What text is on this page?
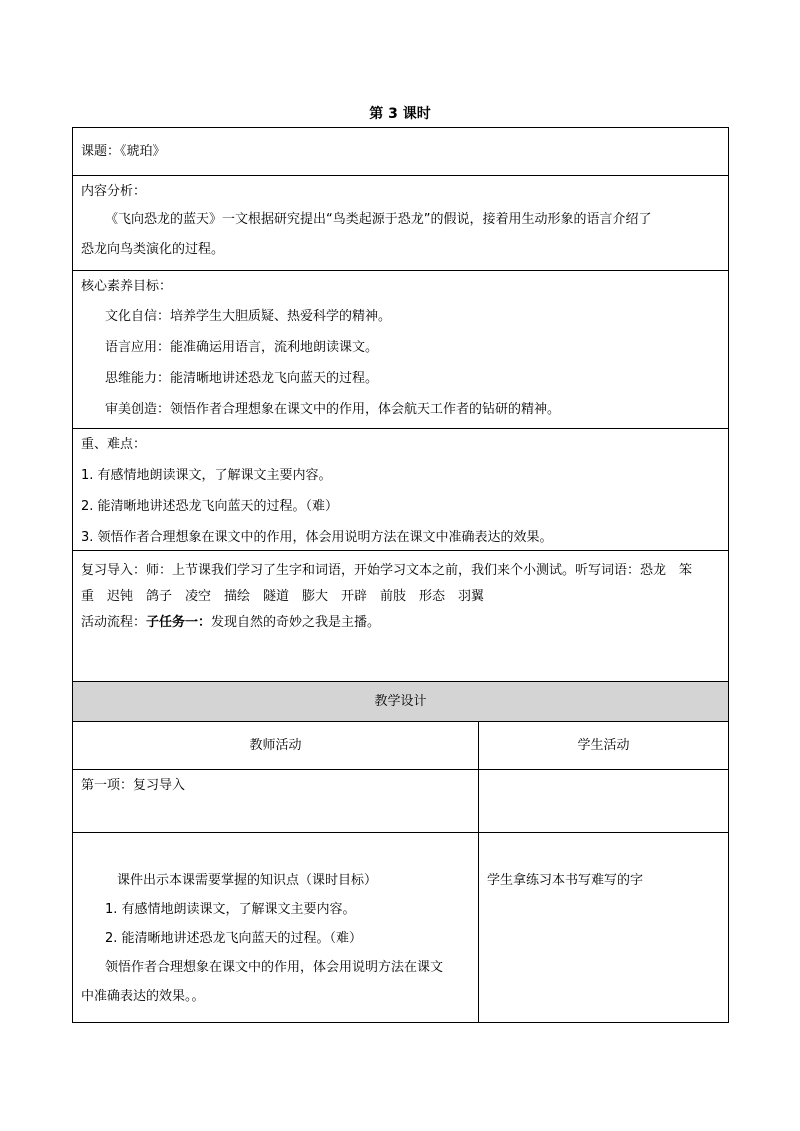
第 3 课时
课题：《琥珀》	

内容分析：
《飞向恐龙的蓝天》一文根据研究提出“鸟类起源于恐龙”的假说，接着用生动形象的语言介绍了
恐龙向鸟类演化的过程。	

核心素养目标：
文化自信：培养学生大胆质疑、热爱科学的精神。
语言应用：能准确运用语言，流利地朗读课文。
思维能力：能清晰地讲述恐龙飞向蓝天的过程。
审美创造：领悟作者合理想象在课文中的作用，体会航天工作者的钻研的精神。	

重、难点：
1. 有感情地朗读课文，了解课文主要内容。
2. 能清晰地讲述恐龙飞向蓝天的过程。（难）
3. 领悟作者合理想象在课文中的作用，体会用说明方法在课文中准确表达的效果。	

复习导入：师：上节课我们学习了生字和词语，开始学习文本之前，我们来个小测试。听写词语：恐龙　笨
重　迟钝　鸽子　凌空　描绘　隧道　膨大　开辟　前肢　形态　羽翼
活动流程：子任务一：发现自然的奇妙之我是主播。	

教学设计	
教师活动	学生活动
第一项：复习导入	

课件出示本课需要掌握的知识点（课时目标）
1. 有感情地朗读课文，了解课文主要内容。
2. 能清晰地讲述恐龙飞向蓝天的过程。（难）
领悟作者合理想象在课文中的作用，体会用说明方法在课文
中准确表达的效果。。	学生拿练习本书写难写的字
